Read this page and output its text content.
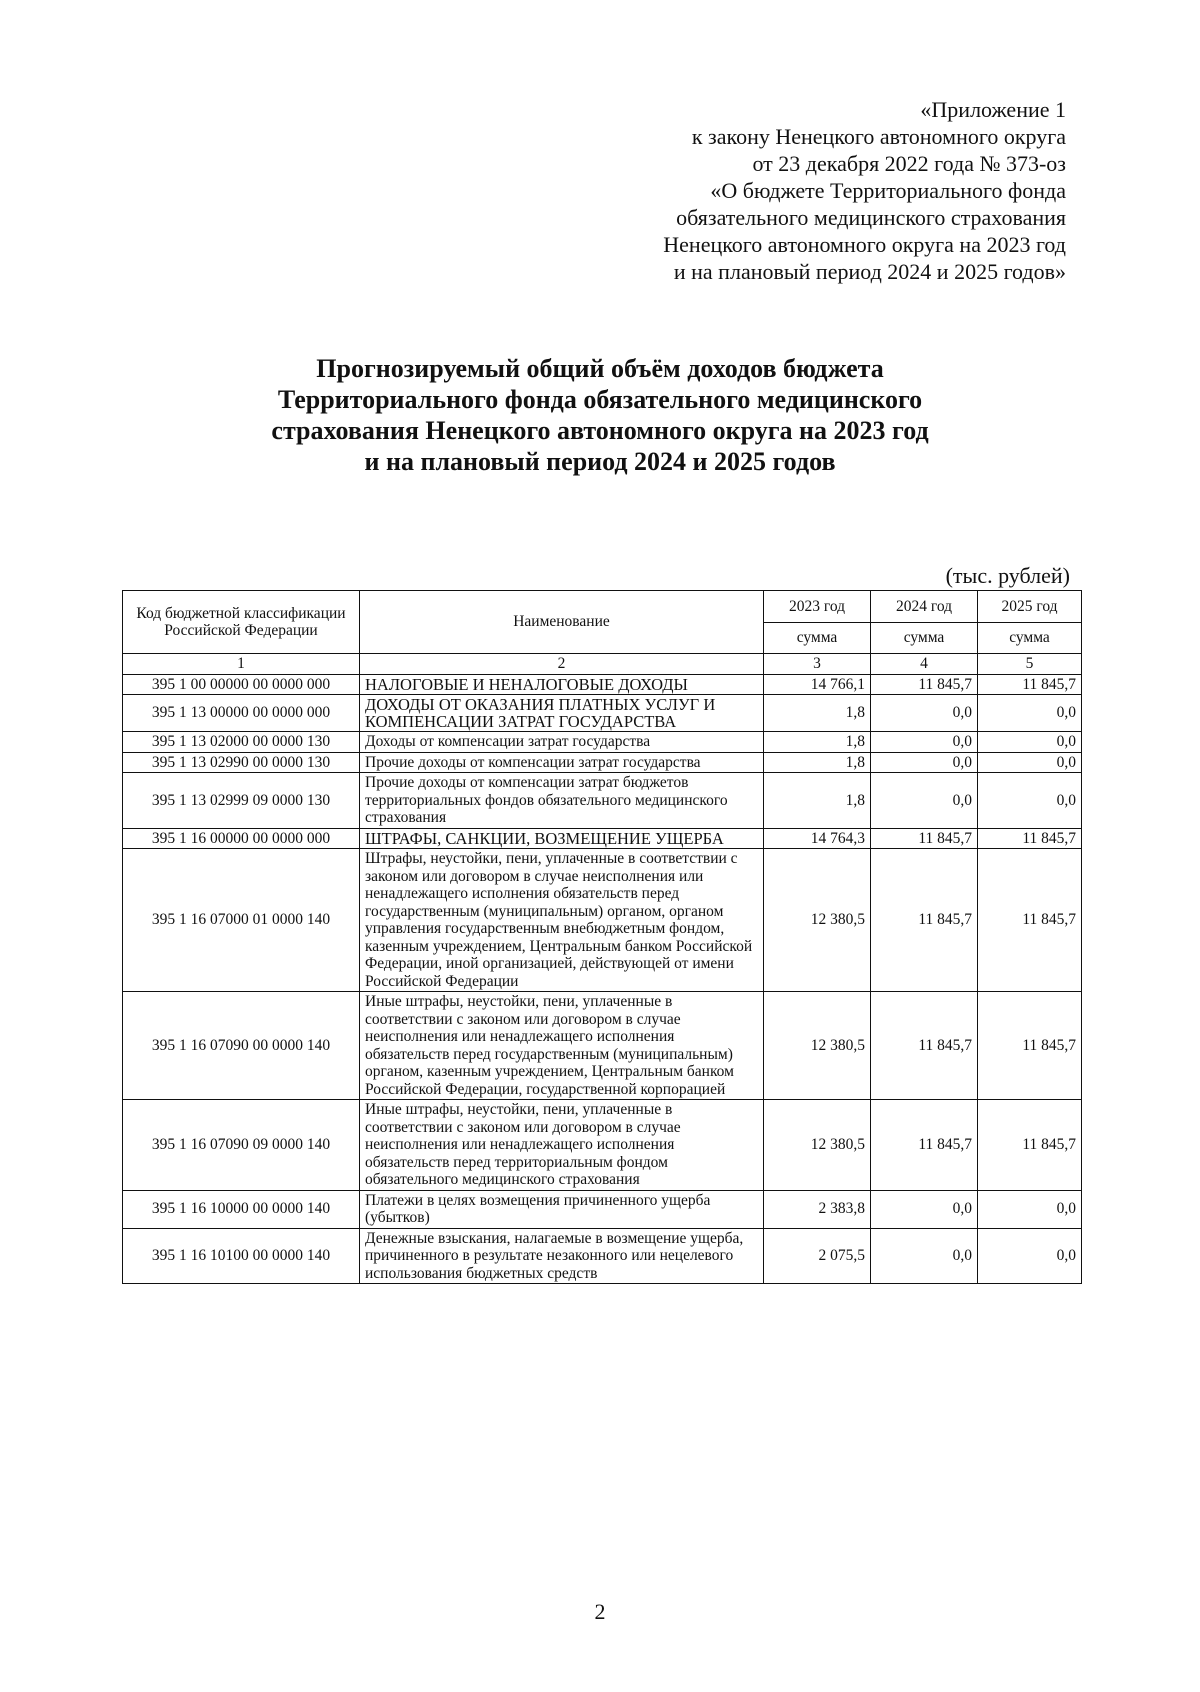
«Приложение 1
к закону Ненецкого автономного округа
от 23 декабря 2022 года № 373-оз
«О бюджете Территориального фонда
обязательного медицинского страхования
Ненецкого автономного округа на 2023 год
и на плановый период 2024 и 2025 годов»
Прогнозируемый общий объём доходов бюджета
Территориального фонда обязательного медицинского
страхования Ненецкого автономного округа на 2023 год
и на плановый период 2024 и 2025 годов
(тыс. рублей)
Код бюджетной классификации Российской Федерации	Наименование	2023 год	2024 год	2025 год
		сумма	сумма	сумма
1	2	3	4	5
395 1 00 00000 00 0000 000	НАЛОГОВЫЕ И НЕНАЛОГОВЫЕ ДОХОДЫ	14 766,1	11 845,7	11 845,7
395 1 13 00000 00 0000 000	ДОХОДЫ ОТ ОКАЗАНИЯ ПЛАТНЫХ УСЛУГ И КОМПЕНСАЦИИ ЗАТРАТ ГОСУДАРСТВА	1,8	0,0	0,0
395 1 13 02000 00 0000 130	Доходы от компенсации затрат государства	1,8	0,0	0,0
395 1 13 02990 00 0000 130	Прочие доходы от компенсации затрат государства	1,8	0,0	0,0
395 1 13 02999 09 0000 130	Прочие доходы от компенсации затрат бюджетов территориальных фондов обязательного медицинского страхования	1,8	0,0	0,0
395 1 16 00000 00 0000 000	ШТРАФЫ, САНКЦИИ, ВОЗМЕЩЕНИЕ УЩЕРБА	14 764,3	11 845,7	11 845,7
395 1 16 07000 01 0000 140	Штрафы, неустойки, пени, уплаченные в соответствии с законом или договором в случае неисполнения или ненадлежащего исполнения обязательств перед государственным (муниципальным) органом, органом управления государственным внебюджетным фондом, казенным учреждением, Центральным банком Российской Федерации, иной организацией, действующей от имени Российской Федерации	12 380,5	11 845,7	11 845,7
395 1 16 07090 00 0000 140	Иные штрафы, неустойки, пени, уплаченные в соответствии с законом или договором в случае неисполнения или ненадлежащего исполнения обязательств перед государственным (муниципальным) органом, казенным учреждением, Центральным банком Российской Федерации, государственной корпорацией	12 380,5	11 845,7	11 845,7
395 1 16 07090 09 0000 140	Иные штрафы, неустойки, пени, уплаченные в соответствии с законом или договором в случае неисполнения или ненадлежащего исполнения обязательств перед территориальным фондом обязательного медицинского страхования	12 380,5	11 845,7	11 845,7
395 1 16 10000 00 0000 140	Платежи в целях возмещения причиненного ущерба (убытков)	2 383,8	0,0	0,0
395 1 16 10100 00 0000 140	Денежные взыскания, налагаемые в возмещение ущерба, причиненного в результате незаконного или нецелевого использования бюджетных средств	2 075,5	0,0	0,0
2
